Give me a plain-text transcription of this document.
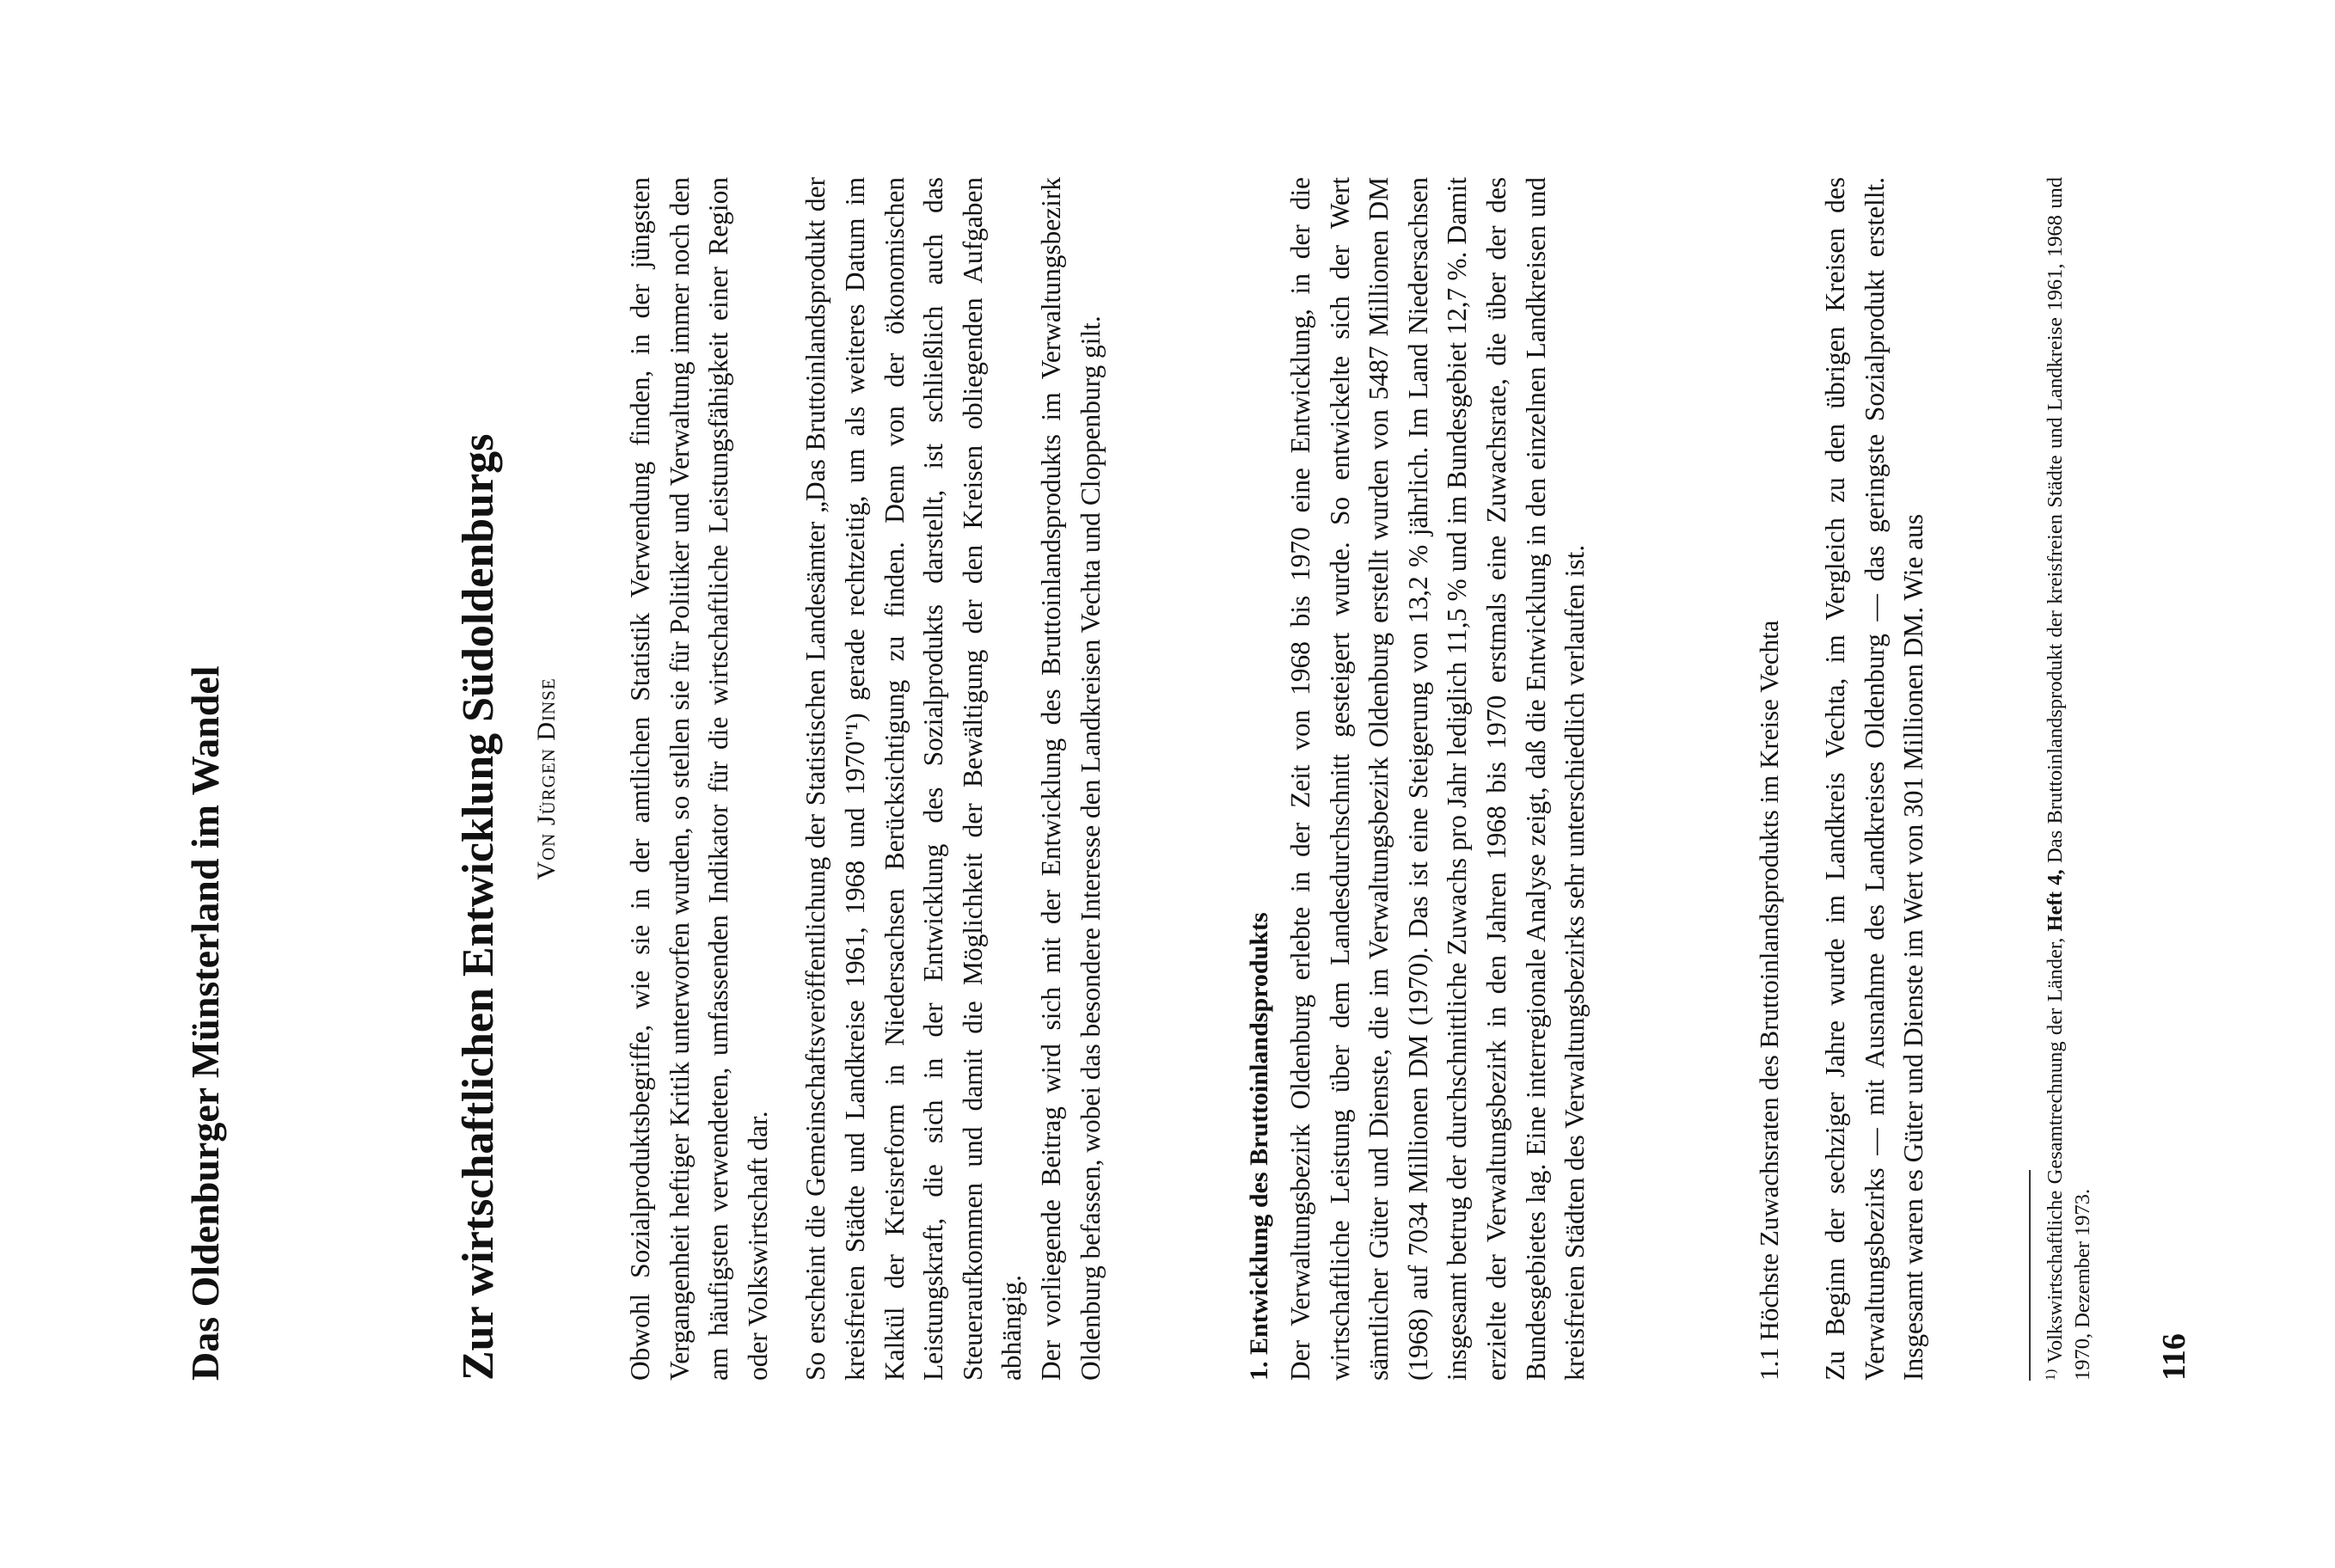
Das Oldenburger Münsterland im Wandel	Zur wirtschaftlichen Entwicklung Südoldenburgs Von Jürgen Dinse Obwohl Sozialproduktsbegriffe, wie sie in der amtlichen Statistik Verwendung finden, in der jüngsten Vergangenheit heftiger Kritik unterworfen wurden, so stellen sie für Politiker und Verwaltung immer noch den am häufigsten verwendeten, umfassenden Indikator für die wirtschaftliche Leistungsfähigkeit einer Region oder Volkswirtschaft dar. So erscheint die Gemeinschaftsveröffentlichung der Statistischen Landesämter „Das Bruttoinlandsprodukt der kreisfreien Städte und Landkreise 1961, 1968 und 1970"¹) gerade rechtzeitig, um als weiteres Datum im Kalkül der Kreisreform in Niedersachsen Berücksichtigung zu finden. Denn von der ökonomischen Leistungskraft, die sich in der Entwicklung des Sozialprodukts darstellt, ist schließlich auch das Steueraufkommen und damit die Möglichkeit der Bewältigung der den Kreisen obliegenden Aufgaben abhängig. Der vorliegende Beitrag wird sich mit der Entwicklung des Bruttoinlandsprodukts im Verwaltungsbezirk Oldenburg befassen, wobei das besondere Interesse den Landkreisen Vechta und Cloppenburg gilt.	1. Entwicklung des Bruttoinlandsprodukts Der Verwaltungsbezirk Oldenburg erlebte in der Zeit von 1968 bis 1970 eine Entwicklung, in der die wirtschaftliche Leistung über dem Landesdurchschnitt gesteigert wurde. So entwickelte sich der Wert sämtlicher Güter und Dienste, die im Verwaltungsbezirk Oldenburg erstellt wurden von 5487 Millionen DM (1968) auf 7034 Millionen DM (1970). Das ist eine Steigerung von 13,2 % jährlich. Im Land Niedersachsen insgesamt betrug der durchschnittliche Zuwachs pro Jahr lediglich 11,5 % und im Bundesgebiet 12,7 %. Damit erzielte der Verwaltungsbezirk in den Jahren 1968 bis 1970 erstmals eine Zuwachsrate, die über der des Bundesgebietes lag. Eine interregionale Analyse zeigt, daß die Entwicklung in den einzelnen Landkreisen und kreisfreien Städten des Verwaltungsbezirks sehr unterschiedlich verlaufen ist.	1.1 Höchste Zuwachsraten des Bruttoinlandsprodukts im Kreise Vechta Zu Beginn der sechziger Jahre wurde im Landkreis Vechta, im Vergleich zu den übrigen Kreisen des Verwaltungsbezirks — mit Ausnahme des Landkreises Oldenburg — das geringste Sozialprodukt erstellt. Insgesamt waren es Güter und Dienste im Wert von 301 Millionen DM. Wie aus	$^{1)}$ Volkswirtschaftliche Gesamtrechnung der Länder, Heft 4, Das Bruttoinlandsprodukt der kreisfreien Städte und Landkreise 1961, 1968 und 1970, Dezember 1973. 116
